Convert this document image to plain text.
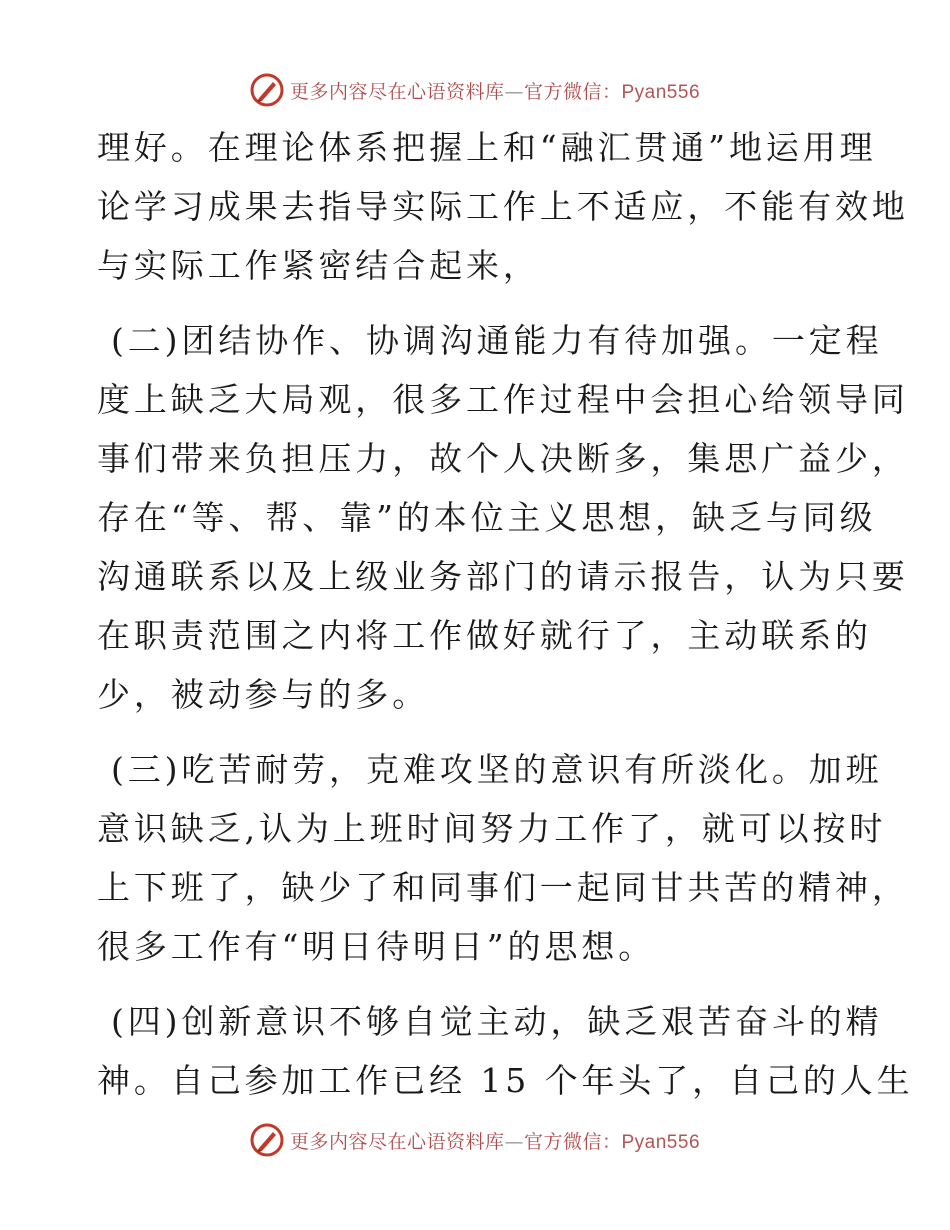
更多内容尽在心语资料库—官方微信：Pyan556
理好。在理论体系把握上和“融汇贯通”地运用理
论学习成果去指导实际工作上不适应，不能有效地
与实际工作紧密结合起来，
(二)团结协作、协调沟通能力有待加强。一定程
度上缺乏大局观，很多工作过程中会担心给领导同
事们带来负担压力，故个人决断多，集思广益少，
存在“等、帮、靠”的本位主义思想，缺乏与同级
沟通联系以及上级业务部门的请示报告，认为只要
在职责范围之内将工作做好就行了，主动联系的
少，被动参与的多。
(三)吃苦耐劳，克难攻坚的意识有所淡化。加班
意识缺乏,认为上班时间努力工作了，就可以按时
上下班了，缺少了和同事们一起同甘共苦的精神，
很多工作有“明日待明日”的思想。
(四)创新意识不够自觉主动，缺乏艰苦奋斗的精
神。自己参加工作已经 15 个年头了，自己的人生
更多内容尽在心语资料库—官方微信：Pyan556
